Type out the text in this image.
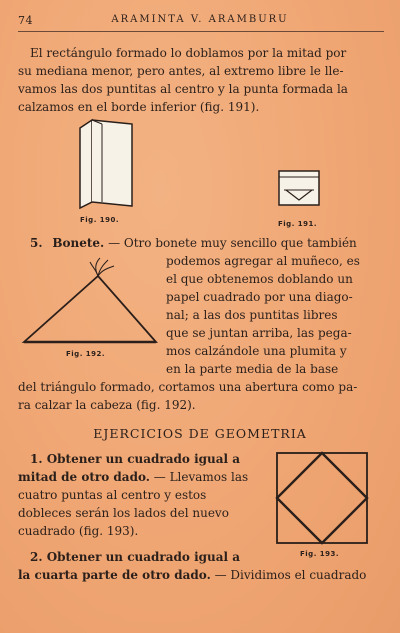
74	ARAMINTA V. ARAMBURU
El rectángulo formado lo doblamos por la mitad por
su mediana menor, pero antes, al extremo libre le lle-
vamos las dos puntitas al centro y la punta formada la
calzamos en el borde inferior (fig. 191).
Fig. 190.	Fig. 191.
5. Bonete. — Otro bonete muy sencillo que también
podemos agregar al muñeco, es
el que obtenemos doblando un
papel cuadrado por una diago-
nal; a las dos puntitas libres
que se juntan arriba, las pega-
mos calzándole una plumita y
en la parte media de la base
del triángulo formado, cortamos una abertura como pa-
ra calzar la cabeza (fig. 192).
Fig. 192.
EJERCICIOS DE GEOMETRIA
1. Obtener un cuadrado igual a
mitad de otro dado. — Llevamos las
cuatro puntas al centro y estos
dobleces serán los lados del nuevo
cuadrado (fig. 193).
Fig. 193.
2. Obtener un cuadrado igual a
la cuarta parte de otro dado. — Dividimos el cuadrado
